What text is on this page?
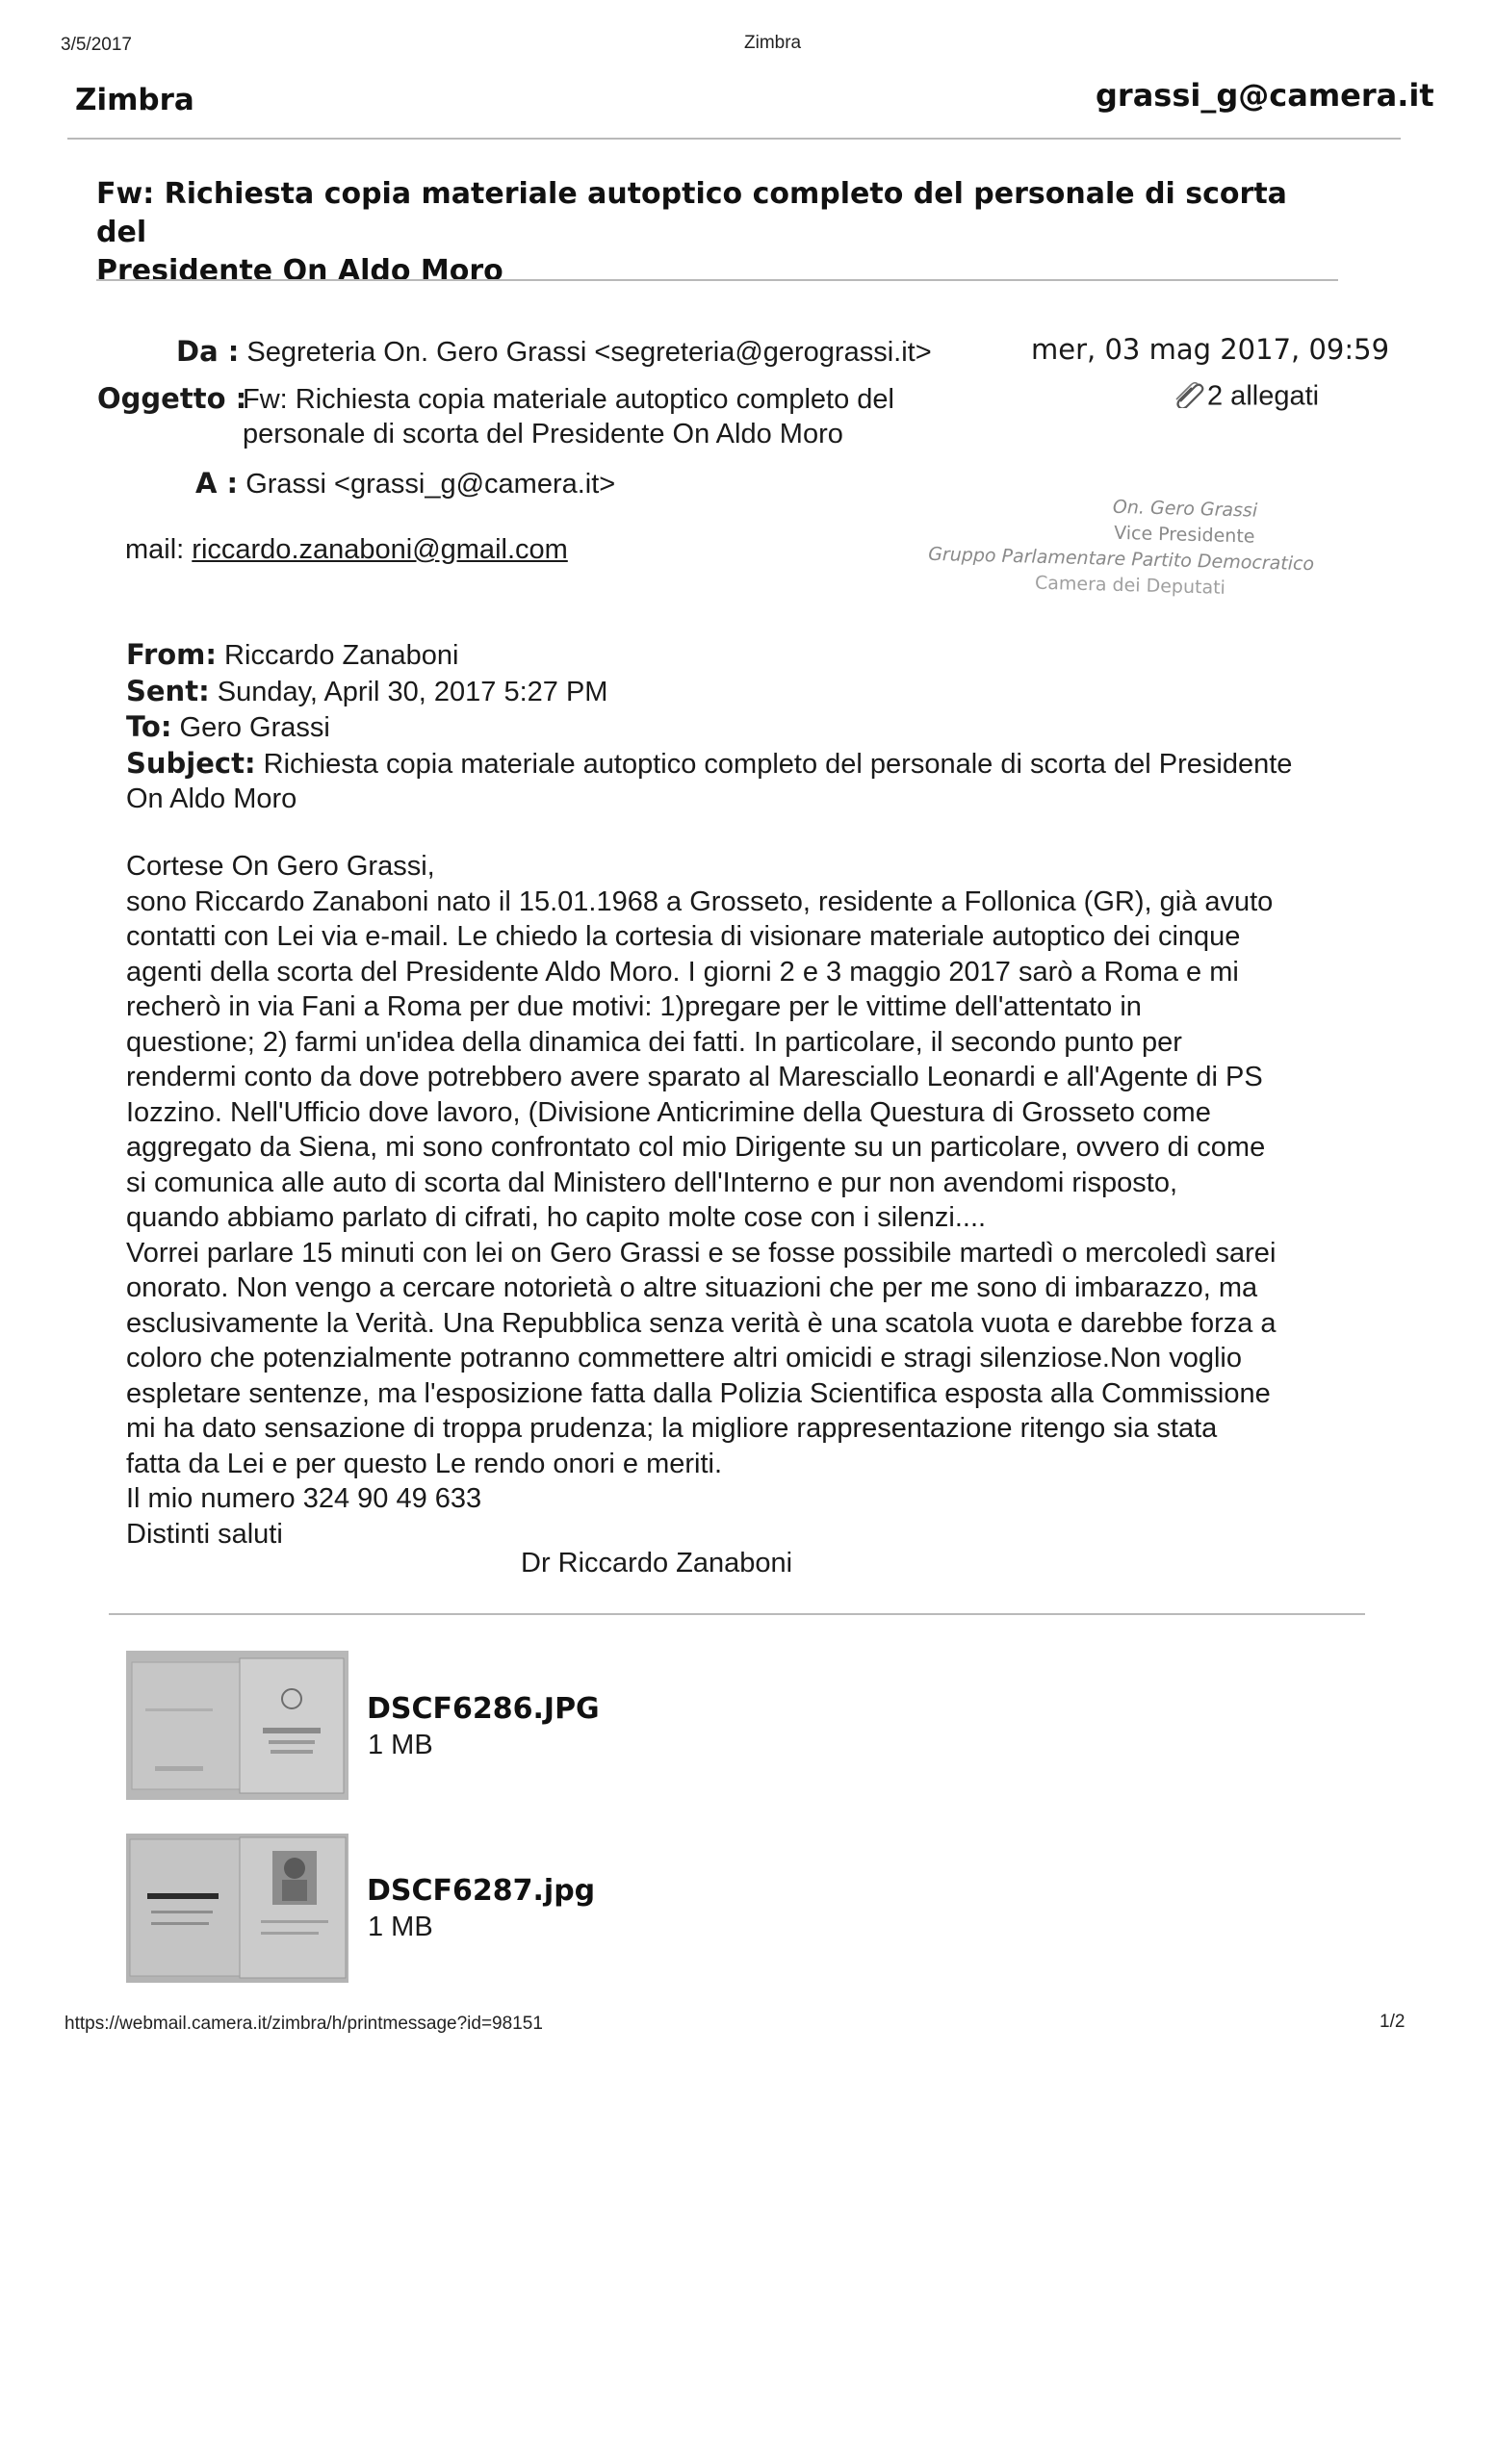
3/5/2017	Zimbra
Zimbra	grassi_g@camera.it
Fw: Richiesta copia materiale autoptico completo del personale di scorta del
Presidente On Aldo Moro
Da : Segreteria On. Gero Grassi <segreteria@gerograssi.it>	mer, 03 mag 2017, 09:59
Oggetto :
Fw: Richiesta copia materiale autoptico completo del
personale di scorta del Presidente On Aldo Moro
2 allegati
A : Grassi <grassi_g@camera.it>
On. Gero Grassi
Vice Presidente
Gruppo Parlamentare Partito Democratico
Camera dei Deputati
mail: riccardo.zanaboni@gmail.com
From: Riccardo Zanaboni
Sent: Sunday, April 30, 2017 5:27 PM
To: Gero Grassi
Subject: Richiesta copia materiale autoptico completo del personale di scorta del Presidente
On Aldo Moro
Cortese On Gero Grassi,
sono Riccardo Zanaboni nato il 15.01.1968 a Grosseto, residente a Follonica (GR), già avuto
contatti con Lei via e-mail. Le chiedo la cortesia di visionare materiale autoptico dei cinque
agenti della scorta del Presidente Aldo Moro. I giorni 2 e 3 maggio 2017 sarò a Roma e mi
recherò in via Fani a Roma per due motivi: 1)pregare per le vittime dell'attentato in
questione; 2) farmi un'idea della dinamica dei fatti. In particolare, il secondo punto per
rendermi conto da dove potrebbero avere sparato al Maresciallo Leonardi e all'Agente di PS
Iozzino. Nell'Ufficio dove lavoro, (Divisione Anticrimine della Questura di Grosseto come
aggregato da Siena, mi sono confrontato col mio Dirigente su un particolare, ovvero di come
si comunica alle auto di scorta dal Ministero dell'Interno e pur non avendomi risposto,
quando abbiamo parlato di cifrati, ho capito molte cose con i silenzi....
Vorrei parlare 15 minuti con lei on Gero Grassi e se fosse possibile martedì o mercoledì sarei
onorato. Non vengo a cercare notorietà o altre situazioni che per me sono di imbarazzo, ma
esclusivamente la Verità. Una Repubblica senza verità è una scatola vuota e darebbe forza a
coloro che potenzialmente potranno commettere altri omicidi e stragi silenziose.Non voglio
espletare sentenze, ma l'esposizione fatta dalla Polizia Scientifica esposta alla Commissione
mi ha dato sensazione di troppa prudenza; la migliore rappresentazione ritengo sia stata
fatta da Lei e per questo Le rendo onori e meriti.
Il mio numero 324 90 49 633
Distinti saluti
Dr Riccardo Zanaboni
DSCF6286.JPG
1 MB
DSCF6287.jpg
1 MB
https://webmail.camera.it/zimbra/h/printmessage?id=98151	1/2
